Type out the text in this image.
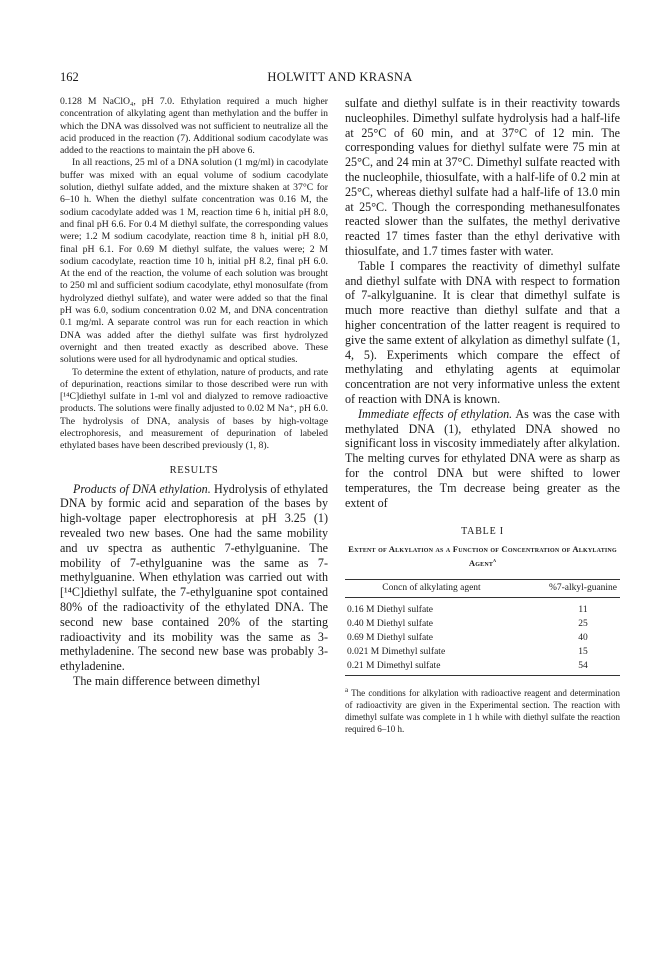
162	HOLWITT AND KRASNA

0.128 M NaClO₄, pH 7.0. Ethylation required a much higher concentration of alkylating agent than methylation and the buffer in which the DNA was dissolved was not sufficient to neutralize all the acid produced in the reaction (7). Additional sodium cacodylate was added to the reactions to maintain the pH above 6.

In all reactions, 25 ml of a DNA solution (1 mg/ml) in cacodylate buffer was mixed with an equal volume of sodium cacodylate solution, diethyl sulfate added, and the mixture shaken at 37°C for 6–10 h. When the diethyl sulfate concentration was 0.16 M, the sodium cacodylate added was 1 M, reaction time 6 h, initial pH 8.0, and final pH 6.6. For 0.4 M diethyl sulfate, the corresponding values were; 1.2 M sodium cacodylate, reaction time 8 h, initial pH 8.0, final pH 6.1. For 0.69 M diethyl sulfate, the values were; 2 M sodium cacodylate, reaction time 10 h, initial pH 8.2, final pH 6.0. At the end of the reaction, the volume of each solution was brought to 250 ml and sufficient sodium cacodylate, ethyl monosulfate (from hydrolyzed diethyl sulfate), and water were added so that the final pH was 6.0, sodium concentration 0.02 M, and DNA concentration 0.1 mg/ml. A separate control was run for each reaction in which DNA was added after the diethyl sulfate was first hydrolyzed overnight and then treated exactly as described above. These solutions were used for all hydrodynamic and optical studies.

To determine the extent of ethylation, nature of products, and rate of depurination, reactions similar to those described were run with [¹⁴C]diethyl sulfate in 1-ml vol and dialyzed to remove radioactive products. The solutions were finally adjusted to 0.02 M Na⁺, pH 6.0. The hydrolysis of DNA, analysis of bases by high-voltage electrophoresis, and measurement of depurination of labeled ethylated bases have been described previously (1, 8).

RESULTS

Products of DNA ethylation. Hydrolysis of ethylated DNA by formic acid and separation of the bases by high-voltage paper electrophoresis at pH 3.25 (1) revealed two new bases. One had the same mobility and uv spectra as authentic 7-ethylguanine. The mobility of 7-ethylguanine was the same as 7-methylguanine. When ethylation was carried out with [¹⁴C]diethyl sulfate, the 7-ethylguanine spot contained 80% of the radioactivity of the ethylated DNA. The second new base contained 20% of the starting radioactivity and its mobility was the same as 3-methyladenine. The second new base was probably 3-ethyladenine.

The main difference between dimethyl

sulfate and diethyl sulfate is in their reactivity towards nucleophiles. Dimethyl sulfate hydrolysis had a half-life at 25°C of 60 min, and at 37°C of 12 min. The corresponding values for diethyl sulfate were 75 min at 25°C, and 24 min at 37°C. Dimethyl sulfate reacted with the nucleophile, thiosulfate, with a half-life of 0.2 min at 25°C, whereas diethyl sulfate had a half-life of 13.0 min at 25°C. Though the corresponding methanesulfonates reacted slower than the sulfates, the methyl derivative reacted 17 times faster than the ethyl derivative with thiosulfate, and 1.7 times faster with water.

Table I compares the reactivity of dimethyl sulfate and diethyl sulfate with DNA with respect to formation of 7-alkylguanine. It is clear that dimethyl sulfate is much more reactive than diethyl sulfate and that a higher concentration of the latter reagent is required to give the same extent of alkylation as dimethyl sulfate (1, 4, 5). Experiments which compare the effect of methylating and ethylating agents at equimolar concentration are not very informative unless the extent of reaction with DNA is known.

Immediate effects of ethylation. As was the case with methylated DNA (1), ethylated DNA showed no significant loss in viscosity immediately after alkylation. The melting curves for ethylated DNA were as sharp as for the control DNA but were shifted to lower temperatures, the Tm decrease being greater as the extent of

TABLE I
Extent of Alkylation as a Function of Concentration of Alkylating Agent$^a$
Concn of alkylating agent	%7-alkyl-guanine
0.16 M Diethyl sulfate	11
0.40 M Diethyl sulfate	25
0.69 M Diethyl sulfate	40
0.021 M Dimethyl sulfate	15
0.21 M Dimethyl sulfate	54
$^a$ The conditions for alkylation with radioactive reagent and determination of radioactivity are given in the Experimental section. The reaction with dimethyl sulfate was complete in 1 h while with diethyl sulfate the reaction required 6–10 h.
